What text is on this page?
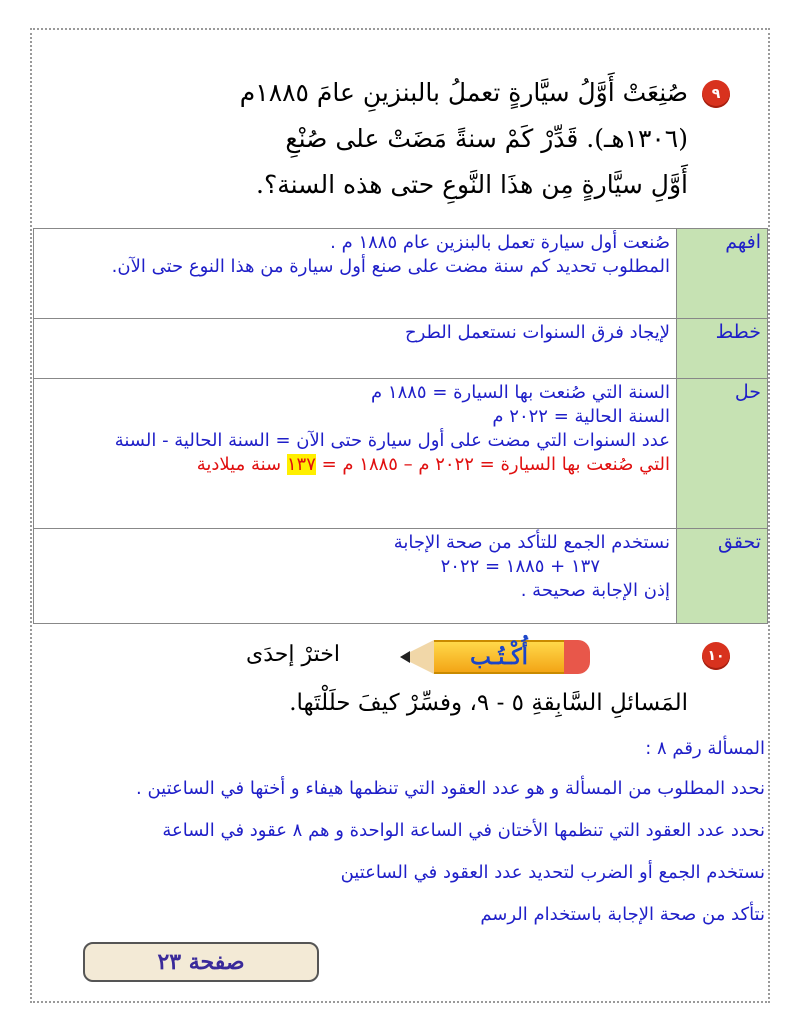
٩
صُنِعَتْ أَوَّلُ سيَّارةٍ تعملُ بالبنزينِ عامَ ١٨٨٥م
(١٣٠٦هـ). قَدِّرْ كَمْ سنةً مَضَتْ على صُنْعِ
أَوَّلِ سيَّارةٍ مِن هذَا النَّوعِ حتى هذه السنة؟.
افهم	صُنعت أول سيارة تعمل بالبنزين عام ١٨٨٥ م .
المطلوب تحديد كم سنة مضت على صنع أول سيارة من هذا النوع حتى الآن.

خطط	لإيجاد فرق السنوات نستعمل الطرح

حل	السنة التي صُنعت بها السيارة = ١٨٨٥ م
السنة الحالية = ٢٠٢٢ م
عدد السنوات التي مضت على أول سيارة حتى الآن = السنة الحالية - السنة
التي صُنعت بها السيارة = ٢٠٢٢ م – ١٨٨٥ م = ١٣٧ سنة ميلادية

تحقق	نستخدم الجمع للتأكد من صحة الإجابة
١٣٧ + ١٨٨٥ = ٢٠٢٢
إذن الإجابة صحيحة .
١٠
أُكْـتُـب
اخترْ إحدَى
المَسائلِ السَّابِقةِ ٥ - ٩، وفسِّرْ كيفَ حلَلْتَها.
المسألة رقم ٨ :
نحدد المطلوب من المسألة و هو عدد العقود التي تنظمها هيفاء و أختها في الساعتين .
نحدد عدد العقود التي تنظمها الأختان في الساعة الواحدة و هم ٨ عقود في الساعة
نستخدم الجمع أو الضرب لتحديد عدد العقود في الساعتين
نتأكد من صحة الإجابة باستخدام الرسم
صفحة ٢٣
